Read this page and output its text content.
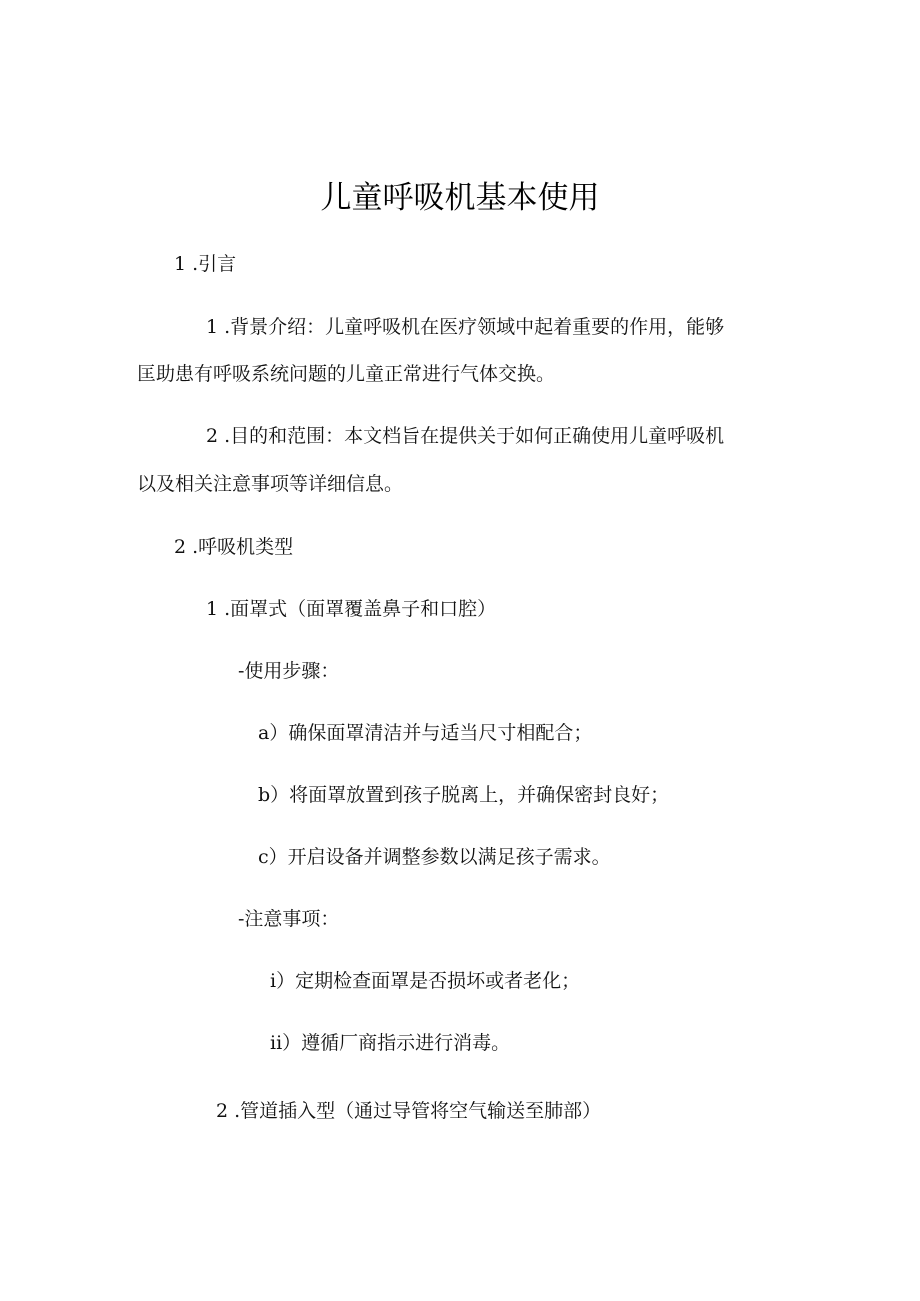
儿童呼吸机基本使用
1 .引言
1 .背景介绍：儿童呼吸机在医疗领域中起着重要的作用，能够
匡助患有呼吸系统问题的儿童正常进行气体交换。
2 .目的和范围：本文档旨在提供关于如何正确使用儿童呼吸机
以及相关注意事项等详细信息。
2 .呼吸机类型
1 .面罩式（面罩覆盖鼻子和口腔）
-使用步骤：
a）确保面罩清洁并与适当尺寸相配合；
b）将面罩放置到孩子脱离上，并确保密封良好；
c）开启设备并调整参数以满足孩子需求。
-注意事项：
i）定期检查面罩是否损坏或者老化；
ii）遵循厂商指示进行消毒。
2 .管道插入型（通过导管将空气输送至肺部）
